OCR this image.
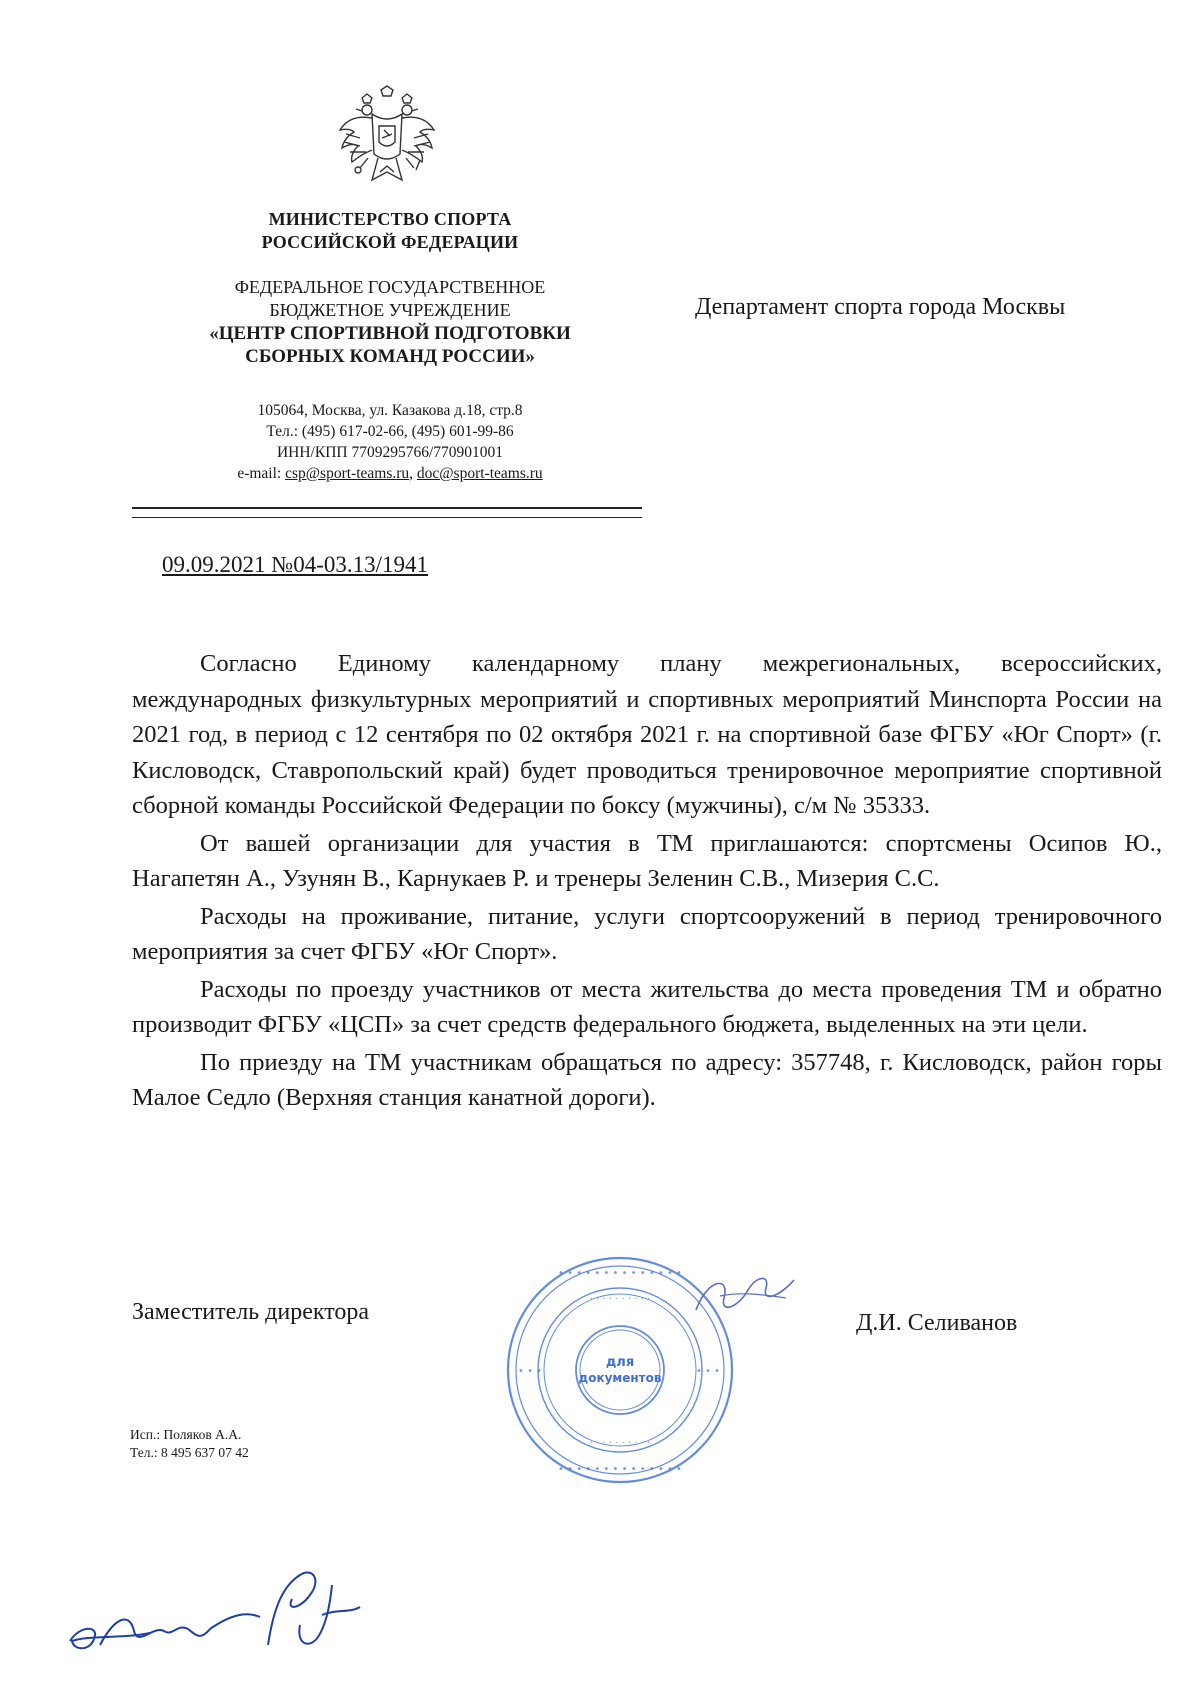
МИНИСТЕРСТВО СПОРТА
РОССИЙСКОЙ ФЕДЕРАЦИИ
ФЕДЕРАЛЬНОЕ ГОСУДАРСТВЕННОЕ
БЮДЖЕТНОЕ УЧРЕЖДЕНИЕ
«ЦЕНТР СПОРТИВНОЙ ПОДГОТОВКИ
СБОРНЫХ КОМАНД РОССИИ»
105064, Москва, ул. Казакова д.18, стр.8
Тел.: (495) 617-02-66, (495) 601-99-86
ИНН/КПП 7709295766/770901001
e-mail: csp@sport-teams.ru, doc@sport-teams.ru
Департамент спорта города Москвы
09.09.2021 №04-03.13/1941

Согласно Единому календарному плану межрегиональных, всероссийских, международных физкультурных мероприятий и спортивных мероприятий Минспорта России на 2021 год, в период с 12 сентября по 02 октября 2021 г. на спортивной базе ФГБУ «Юг Спорт» (г. Кисловодск, Ставропольский край) будет проводиться тренировочное мероприятие спортивной сборной команды Российской Федерации по боксу (мужчины), с/м № 35333.

От вашей организации для участия в ТМ приглашаются: спортсмены Осипов Ю., Нагапетян А., Узунян В., Карнукаев Р. и тренеры Зеленин С.В., Мизерия С.С.

Расходы на проживание, питание, услуги спортсооружений в период тренировочного мероприятия за счет ФГБУ «Юг Спорт».

Расходы по проезду участников от места жительства до места проведения ТМ и обратно производит ФГБУ «ЦСП» за счет средств федерального бюджета, выделенных на эти цели.

По приезду на ТМ участникам обращаться по адресу: 357748, г. Кисловодск, район горы Малое Седло (Верхняя станция канатной дороги).

Заместитель директора	Д.И. Селиванов
• • • • • • • • • • • • • •
• • • • • • • • • • • • • •
• • •	• • •
· · · · · · · · · ·
· · · · · · · · · ·
для
документов
Исп.: Поляков А.А.
Тел.: 8 495 637 07 42
